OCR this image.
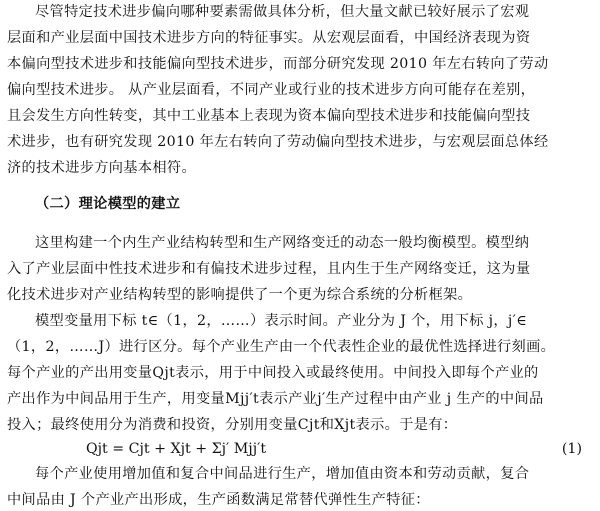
尽管特定技术进步偏向哪种要素需做具体分析，但大量文献已较好展示了宏观
层面和产业层面中国技术进步方向的特征事实。从宏观层面看，中国经济表现为资
本偏向型技术进步和技能偏向型技术进步，而部分研究发现 2010 年左右转向了劳动
偏向型技术进步。 从产业层面看，不同产业或行业的技术进步方向可能存在差别，
且会发生方向性转变，其中工业基本上表现为资本偏向型技术进步和技能偏向型技
术进步，也有研究发现 2010 年左右转向了劳动偏向型技术进步，与宏观层面总体经
济的技术进步方向基本相符。
（二）理论模型的建立
这里构建一个内生产业结构转型和生产网络变迁的动态一般均衡模型。模型纳
入了产业层面中性技术进步和有偏技术进步过程，且内生于生产网络变迁，这为量
化技术进步对产业结构转型的影响提供了一个更为综合系统的分析框架。
模型变量用下标 t∈（1，2，……）表示时间。产业分为 J 个，用下标 j，j′∈
（1，2，……J）进行区分。每个产业生产由一个代表性企业的最优性选择进行刻画。
每个产业的产出用变量Qjt表示，用于中间投入或最终使用。中间投入即每个产业的
产出作为中间品用于生产，用变量Mjj′t表示产业j′生产过程中由产业 j 生产的中间品
投入；最终使用分为消费和投资，分别用变量Cjt和Xjt表示。于是有：
Qjt = Cjt + Xjt + Σj′ Mjj′t	(1)
每个产业使用增加值和复合中间品进行生产，增加值由资本和劳动贡献，复合
中间品由 J 个产业产出形成，生产函数满足常替代弹性生产特征：
